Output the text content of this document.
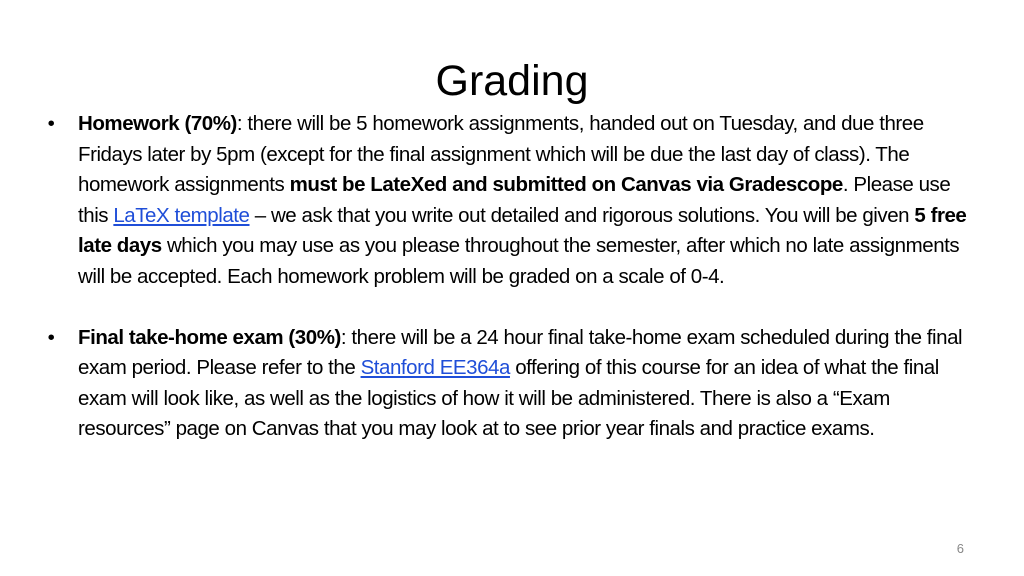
Grading
• Homework (70%): there will be 5 homework assignments, handed out on Tuesday, and due three Fridays later by 5pm (except for the final assignment which will be due the last day of class). The homework assignments must be LateXed and submitted on Canvas via Gradescope. Please use this LaTeX template – we ask that you write out detailed and rigorous solutions. You will be given 5 free late days which you may use as you please throughout the semester, after which no late assignments will be accepted. Each homework problem will be graded on a scale of 0-4.
• Final take-home exam (30%): there will be a 24 hour final take-home exam scheduled during the final exam period. Please refer to the Stanford EE364a offering of this course for an idea of what the final exam will look like, as well as the logistics of how it will be administered. There is also a “Exam resources” page on Canvas that you may look at to see prior year finals and practice exams.
6
